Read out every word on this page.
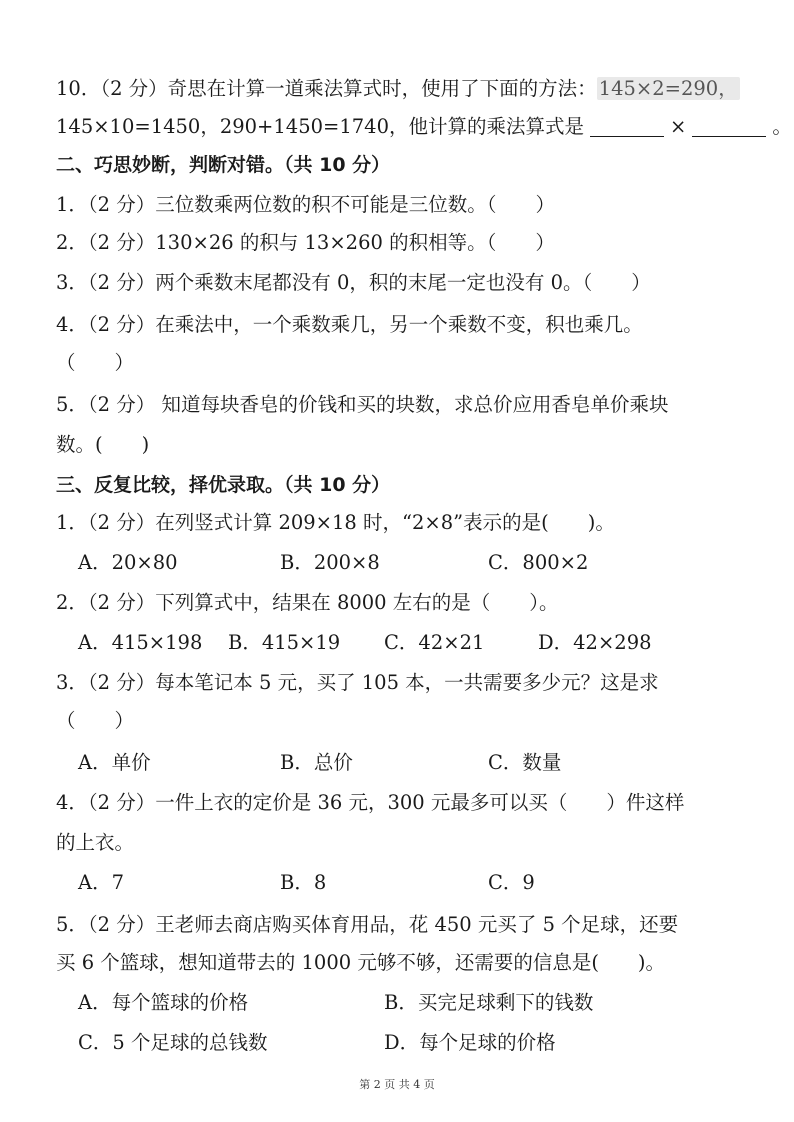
10．（2 分）奇思在计算一道乘法算式时，使用了下面的方法： 145×2=290，
145×10=1450，290+1450=1740，他计算的乘法算式是	×	。
二、巧思妙断，判断对错。（共 10 分）
1．（2 分）三位数乘两位数的积不可能是三位数。（　　）
2．（2 分）130×26 的积与 13×260 的积相等。（　　）
3．（2 分）两个乘数末尾都没有 0，积的末尾一定也没有 0。（　　）
4．（2 分）在乘法中，一个乘数乘几，另一个乘数不变，积也乘几。
（　　）
5．（2 分） 知道每块香皂的价钱和买的块数，求总价应用香皂单价乘块
数。(　　)
三、反复比较，择优录取。（共 10 分）
1．（2 分）在列竖式计算 209×18 时，“2×8”表示的是(　　)。
A．20×80	B．200×8	C．800×2
2．（2 分）下列算式中，结果在 8000 左右的是（　　）。
A．415×198 B．415×19 C．42×21	D．42×298
3．（2 分）每本笔记本 5 元，买了 105 本，一共需要多少元？这是求
（　　）
A．单价	B．总价	C．数量
4．（2 分）一件上衣的定价是 36 元，300 元最多可以买（　　）件这样
的上衣。
A．7	B．8	C．9
5．（2 分）王老师去商店购买体育用品，花 450 元买了 5 个足球，还要
买 6 个篮球，想知道带去的 1000 元够不够，还需要的信息是(　　)。
A．每个篮球的价格	B．买完足球剩下的钱数
C．5 个足球的总钱数	D．每个足球的价格
第 2 页 共 4 页
